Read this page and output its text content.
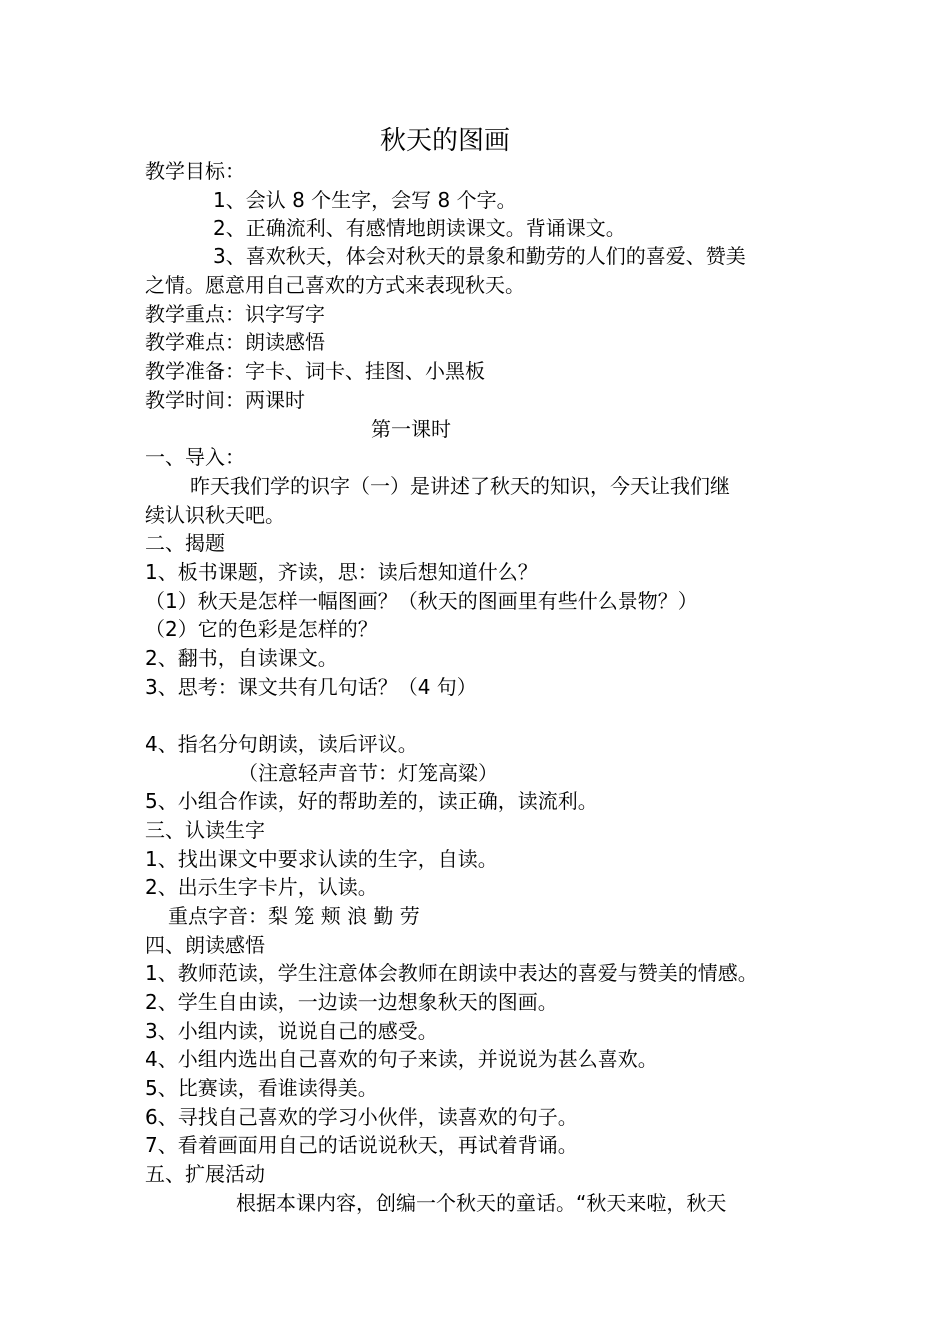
秋天的图画
教学目标：
1、会认 8 个生字，会写 8 个字。
2、正确流利、有感情地朗读课文。背诵课文。
3、喜欢秋天，体会对秋天的景象和勤劳的人们的喜爱、赞美
之情。愿意用自己喜欢的方式来表现秋天。
教学重点：识字写字
教学难点：朗读感悟
教学准备：字卡、词卡、挂图、小黑板
教学时间：两课时
第一课时
一、导入：
昨天我们学的识字（一）是讲述了秋天的知识，今天让我们继
续认识秋天吧。
二、揭题
1、板书课题，齐读，思：读后想知道什么？
（1）秋天是怎样一幅图画？（秋天的图画里有些什么景物？）
（2）它的色彩是怎样的？
2、翻书，自读课文。
3、思考：课文共有几句话？（4 句）
4、指名分句朗读，读后评议。
（注意轻声音节：灯笼高粱）
5、小组合作读，好的帮助差的，读正确，读流利。
三、认读生字
1、找出课文中要求认读的生字，自读。
2、出示生字卡片，认读。
重点字音：梨 笼 颊 浪 勤 劳
四、朗读感悟
1、教师范读，学生注意体会教师在朗读中表达的喜爱与赞美的情感。
2、学生自由读，一边读一边想象秋天的图画。
3、小组内读，说说自己的感受。
4、小组内选出自己喜欢的句子来读，并说说为甚么喜欢。
5、比赛读，看谁读得美。
6、寻找自己喜欢的学习小伙伴，读喜欢的句子。
7、看着画面用自己的话说说秋天，再试着背诵。
五、扩展活动
根据本课内容，创编一个秋天的童话。“秋天来啦，秋天
